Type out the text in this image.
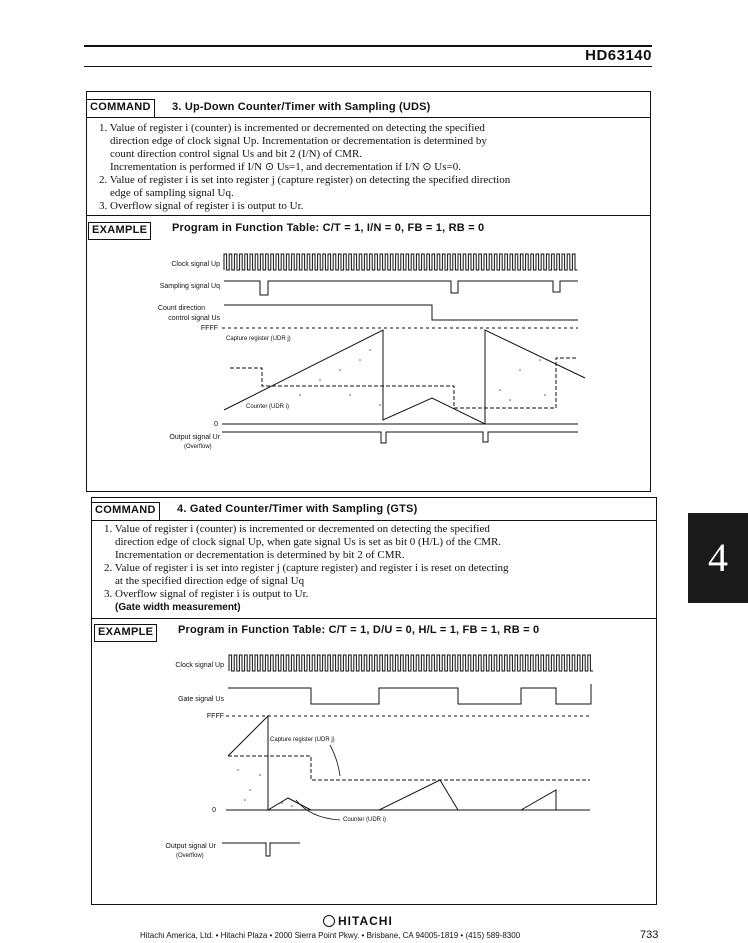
HD63140
COMMAND	3. Up-Down Counter/Timer with Sampling (UDS)

1. Value of register i (counter) is incremented or decremented on detecting the specified

direction edge of clock signal Up. Incrementation or decrementation is determined by

count direction control signal Us and bit 2 (I/N) of CMR.

Incrementation is performed if I/N ⊙ Us=1, and decrementation if I/N ⊙ Us=0.

2. Value of register i is set into register j (capture register) on detecting the specified direction

edge of sampling signal Uq.

3. Overflow signal of register i is output to Ur.

EXAMPLE	Program in Function Table: C/T = 1, I/N = 0, FB = 1, RB = 0
Clock signal Up
Sampling signal Uq
Count direction
control signal Us
FFFF
Capture register (UDR j)
Counter (UDR i)
0
Output signal Ur
(Overflow)
COMMAND	4. Gated Counter/Timer with Sampling (GTS)

1. Value of register i (counter) is incremented or decremented on detecting the specified

direction edge of clock signal Up, when gate signal Us is set as bit 0 (H/L) of the CMR.

Incrementation or decrementation is determined by bit 2 of CMR.

2. Value of register i is set into register j (capture register) and register i is reset on detecting

at the specified direction edge of signal Uq

3. Overflow signal of register i is output to Ur.

(Gate width measurement)

EXAMPLE	Program in Function Table: C/T = 1, D/U = 0, H/L = 1, FB = 1, RB = 0
Clock signal Up
Gate signal Us
FFFF
Capture register (UDR j)
Counter (UDR i)
0
Output signal Ur
(Overflow)
4
HITACHI
Hitachi America, Ltd. • Hitachi Plaza • 2000 Sierra Point Pkwy. • Brisbane, CA 94005-1819 • (415) 589-8300	733
